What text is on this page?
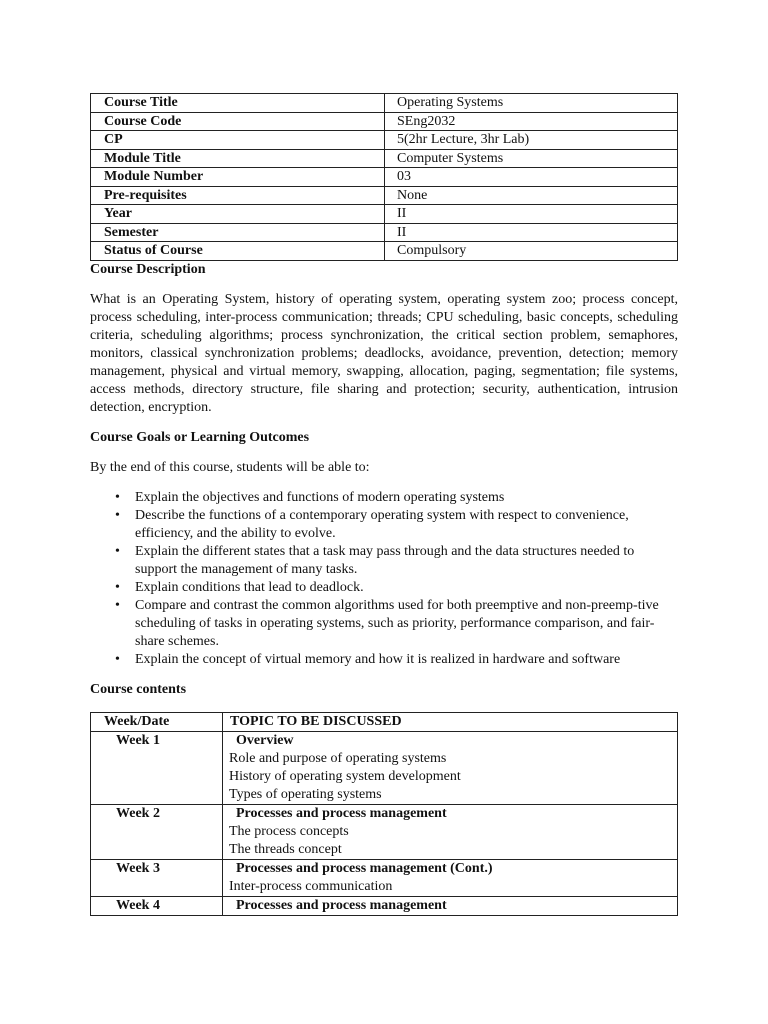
Course Title	Operating Systems
Course Code	SEng2032
CP	5(2hr Lecture, 3hr Lab)
Module Title	Computer Systems
Module Number	03
Pre-requisites	None
Year	II
Semester	II
Status of Course	Compulsory
Course Description

What is an Operating System, history of operating system, operating system zoo; process concept, process scheduling, inter-process communication; threads; CPU scheduling, basic concepts, scheduling criteria, scheduling algorithms; process synchronization, the critical section problem, semaphores, monitors, classical synchronization problems; deadlocks, avoidance, prevention, detection; memory management, physical and virtual memory, swapping, allocation, paging, segmentation; file systems, access methods, directory structure, file sharing and protection; security, authentication, intrusion detection, encryption.

Course Goals or Learning Outcomes

By the end of this course, students will be able to:

• Explain the objectives and functions of modern operating systems
• Describe the functions of a contemporary operating system with respect to convenience, efficiency, and the ability to evolve.
• Explain the different states that a task may pass through and the data structures needed to support the management of many tasks.
• Explain conditions that lead to deadlock.
• Compare and contrast the common algorithms used for both preemptive and non-preemp-tive scheduling of tasks in operating systems, such as priority, performance comparison, and fair-share schemes.
• Explain the concept of virtual memory and how it is realized in hardware and software
Course contents
Week/Date	TOPIC TO BE DISCUSSED
Week 1	Overview
Role and purpose of operating systems
History of operating system development
Types of operating systems

Week 2	Processes and process management
The process concepts
The threads concept

Week 3	Processes and process management (Cont.)
Inter-process communication

Week 4	Processes and process management
